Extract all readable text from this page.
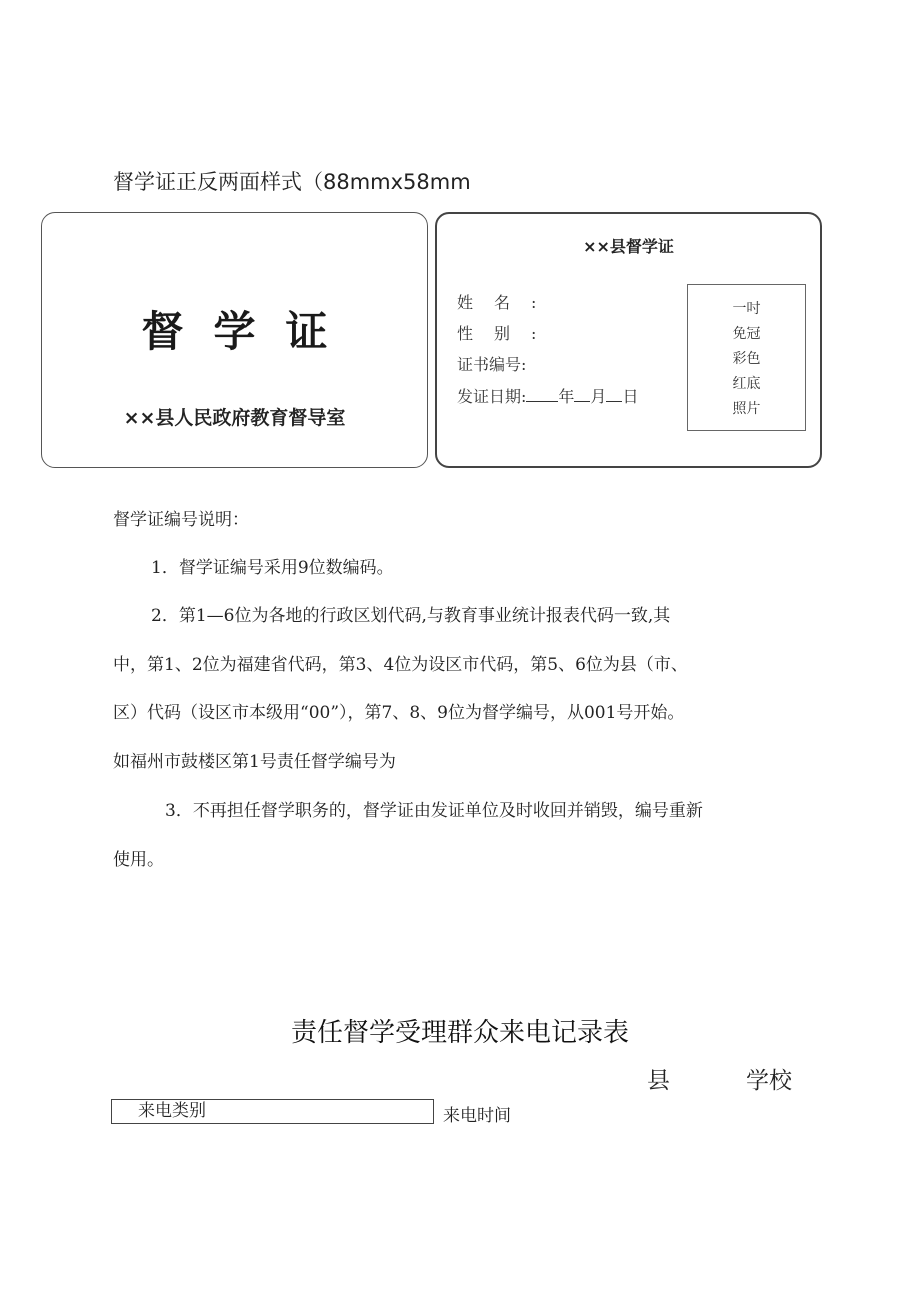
督学证正反两面样式（88mmx58mm
督学证
××县人民政府教育督导室
××县督学证
姓名:
性别:
证书编号:
发证日期: 年 月 日
一吋
免冠
彩色
红底
照片
督学证编号说明：
1．督学证编号采用9位数编码。
2．第1—6位为各地的行政区划代码,与教育事业统计报表代码一致,其
中，第1、2位为福建省代码，第3、4位为设区市代码，第5、6位为县（市、
区）代码（设区市本级用“00”），第7、8、9位为督学编号，从001号开始。
如福州市鼓楼区第1号责任督学编号为
3．不再担任督学职务的，督学证由发证单位及时收回并销毁，编号重新
使用。
责任督学受理群众来电记录表
县	学校
来电类别	来电时间
